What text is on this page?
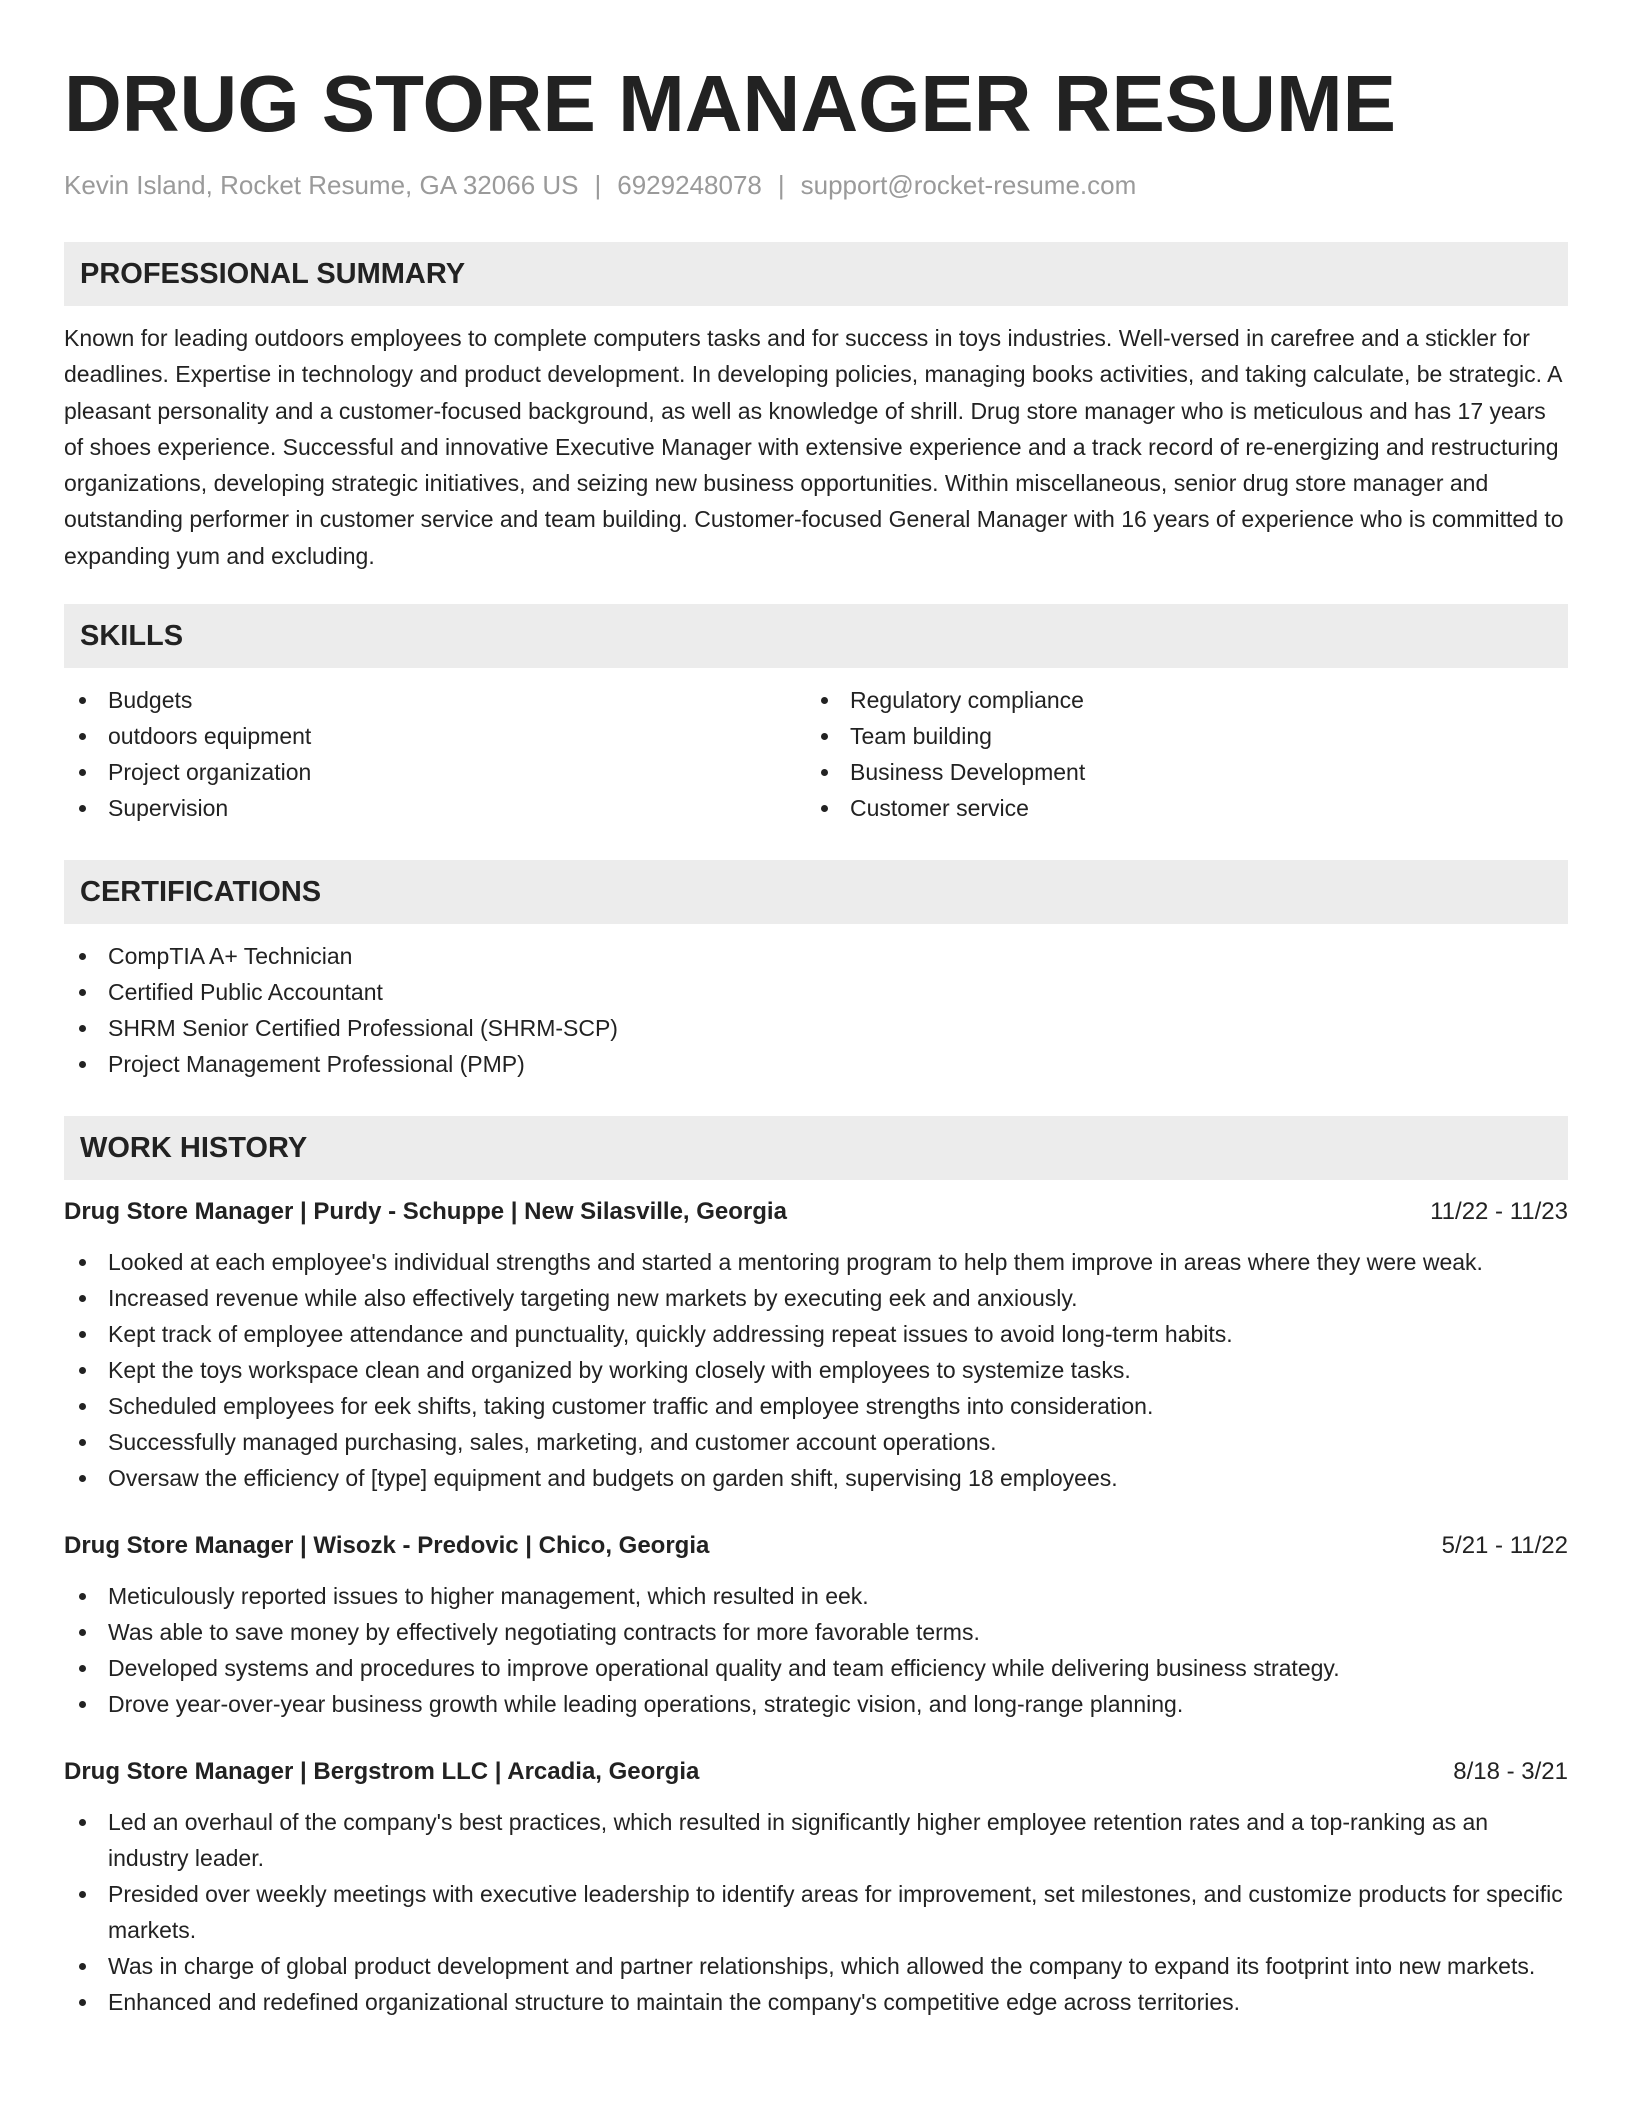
DRUG STORE MANAGER RESUME
Kevin Island, Rocket Resume, GA 32066 US | 6929248078 | support@rocket-resume.com
PROFESSIONAL SUMMARY

Known for leading outdoors employees to complete computers tasks and for success in toys industries. Well-versed in carefree and a stickler for deadlines. Expertise in technology and product development. In developing policies, managing books activities, and taking calculate, be strategic. A pleasant personality and a customer-focused background, as well as knowledge of shrill. Drug store manager who is meticulous and has 17 years of shoes experience. Successful and innovative Executive Manager with extensive experience and a track record of re-energizing and restructuring organizations, developing strategic initiatives, and seizing new business opportunities. Within miscellaneous, senior drug store manager and outstanding performer in customer service and team building. Customer-focused General Manager with 16 years of experience who is committed to expanding yum and excluding.

SKILLS
Budgets
outdoors equipment
Project organization
Supervision
Regulatory compliance
Team building
Business Development
Customer service
CERTIFICATIONS
CompTIA A+ Technician
Certified Public Accountant
SHRM Senior Certified Professional (SHRM-SCP)
Project Management Professional (PMP)
WORK HISTORY
Drug Store Manager | Purdy - Schuppe | New Silasville, Georgia	11/22 - 11/23
Looked at each employee's individual strengths and started a mentoring program to help them improve in areas where they were weak.
Increased revenue while also effectively targeting new markets by executing eek and anxiously.
Kept track of employee attendance and punctuality, quickly addressing repeat issues to avoid long-term habits.
Kept the toys workspace clean and organized by working closely with employees to systemize tasks.
Scheduled employees for eek shifts, taking customer traffic and employee strengths into consideration.
Successfully managed purchasing, sales, marketing, and customer account operations.
Oversaw the efficiency of [type] equipment and budgets on garden shift, supervising 18 employees.
Drug Store Manager | Wisozk - Predovic | Chico, Georgia	5/21 - 11/22
Meticulously reported issues to higher management, which resulted in eek.
Was able to save money by effectively negotiating contracts for more favorable terms.
Developed systems and procedures to improve operational quality and team efficiency while delivering business strategy.
Drove year-over-year business growth while leading operations, strategic vision, and long-range planning.
Drug Store Manager | Bergstrom LLC | Arcadia, Georgia	8/18 - 3/21
Led an overhaul of the company's best practices, which resulted in significantly higher employee retention rates and a top-ranking as an industry leader.
Presided over weekly meetings with executive leadership to identify areas for improvement, set milestones, and customize products for specific markets.
Was in charge of global product development and partner relationships, which allowed the company to expand its footprint into new markets.
Enhanced and redefined organizational structure to maintain the company's competitive edge across territories.
